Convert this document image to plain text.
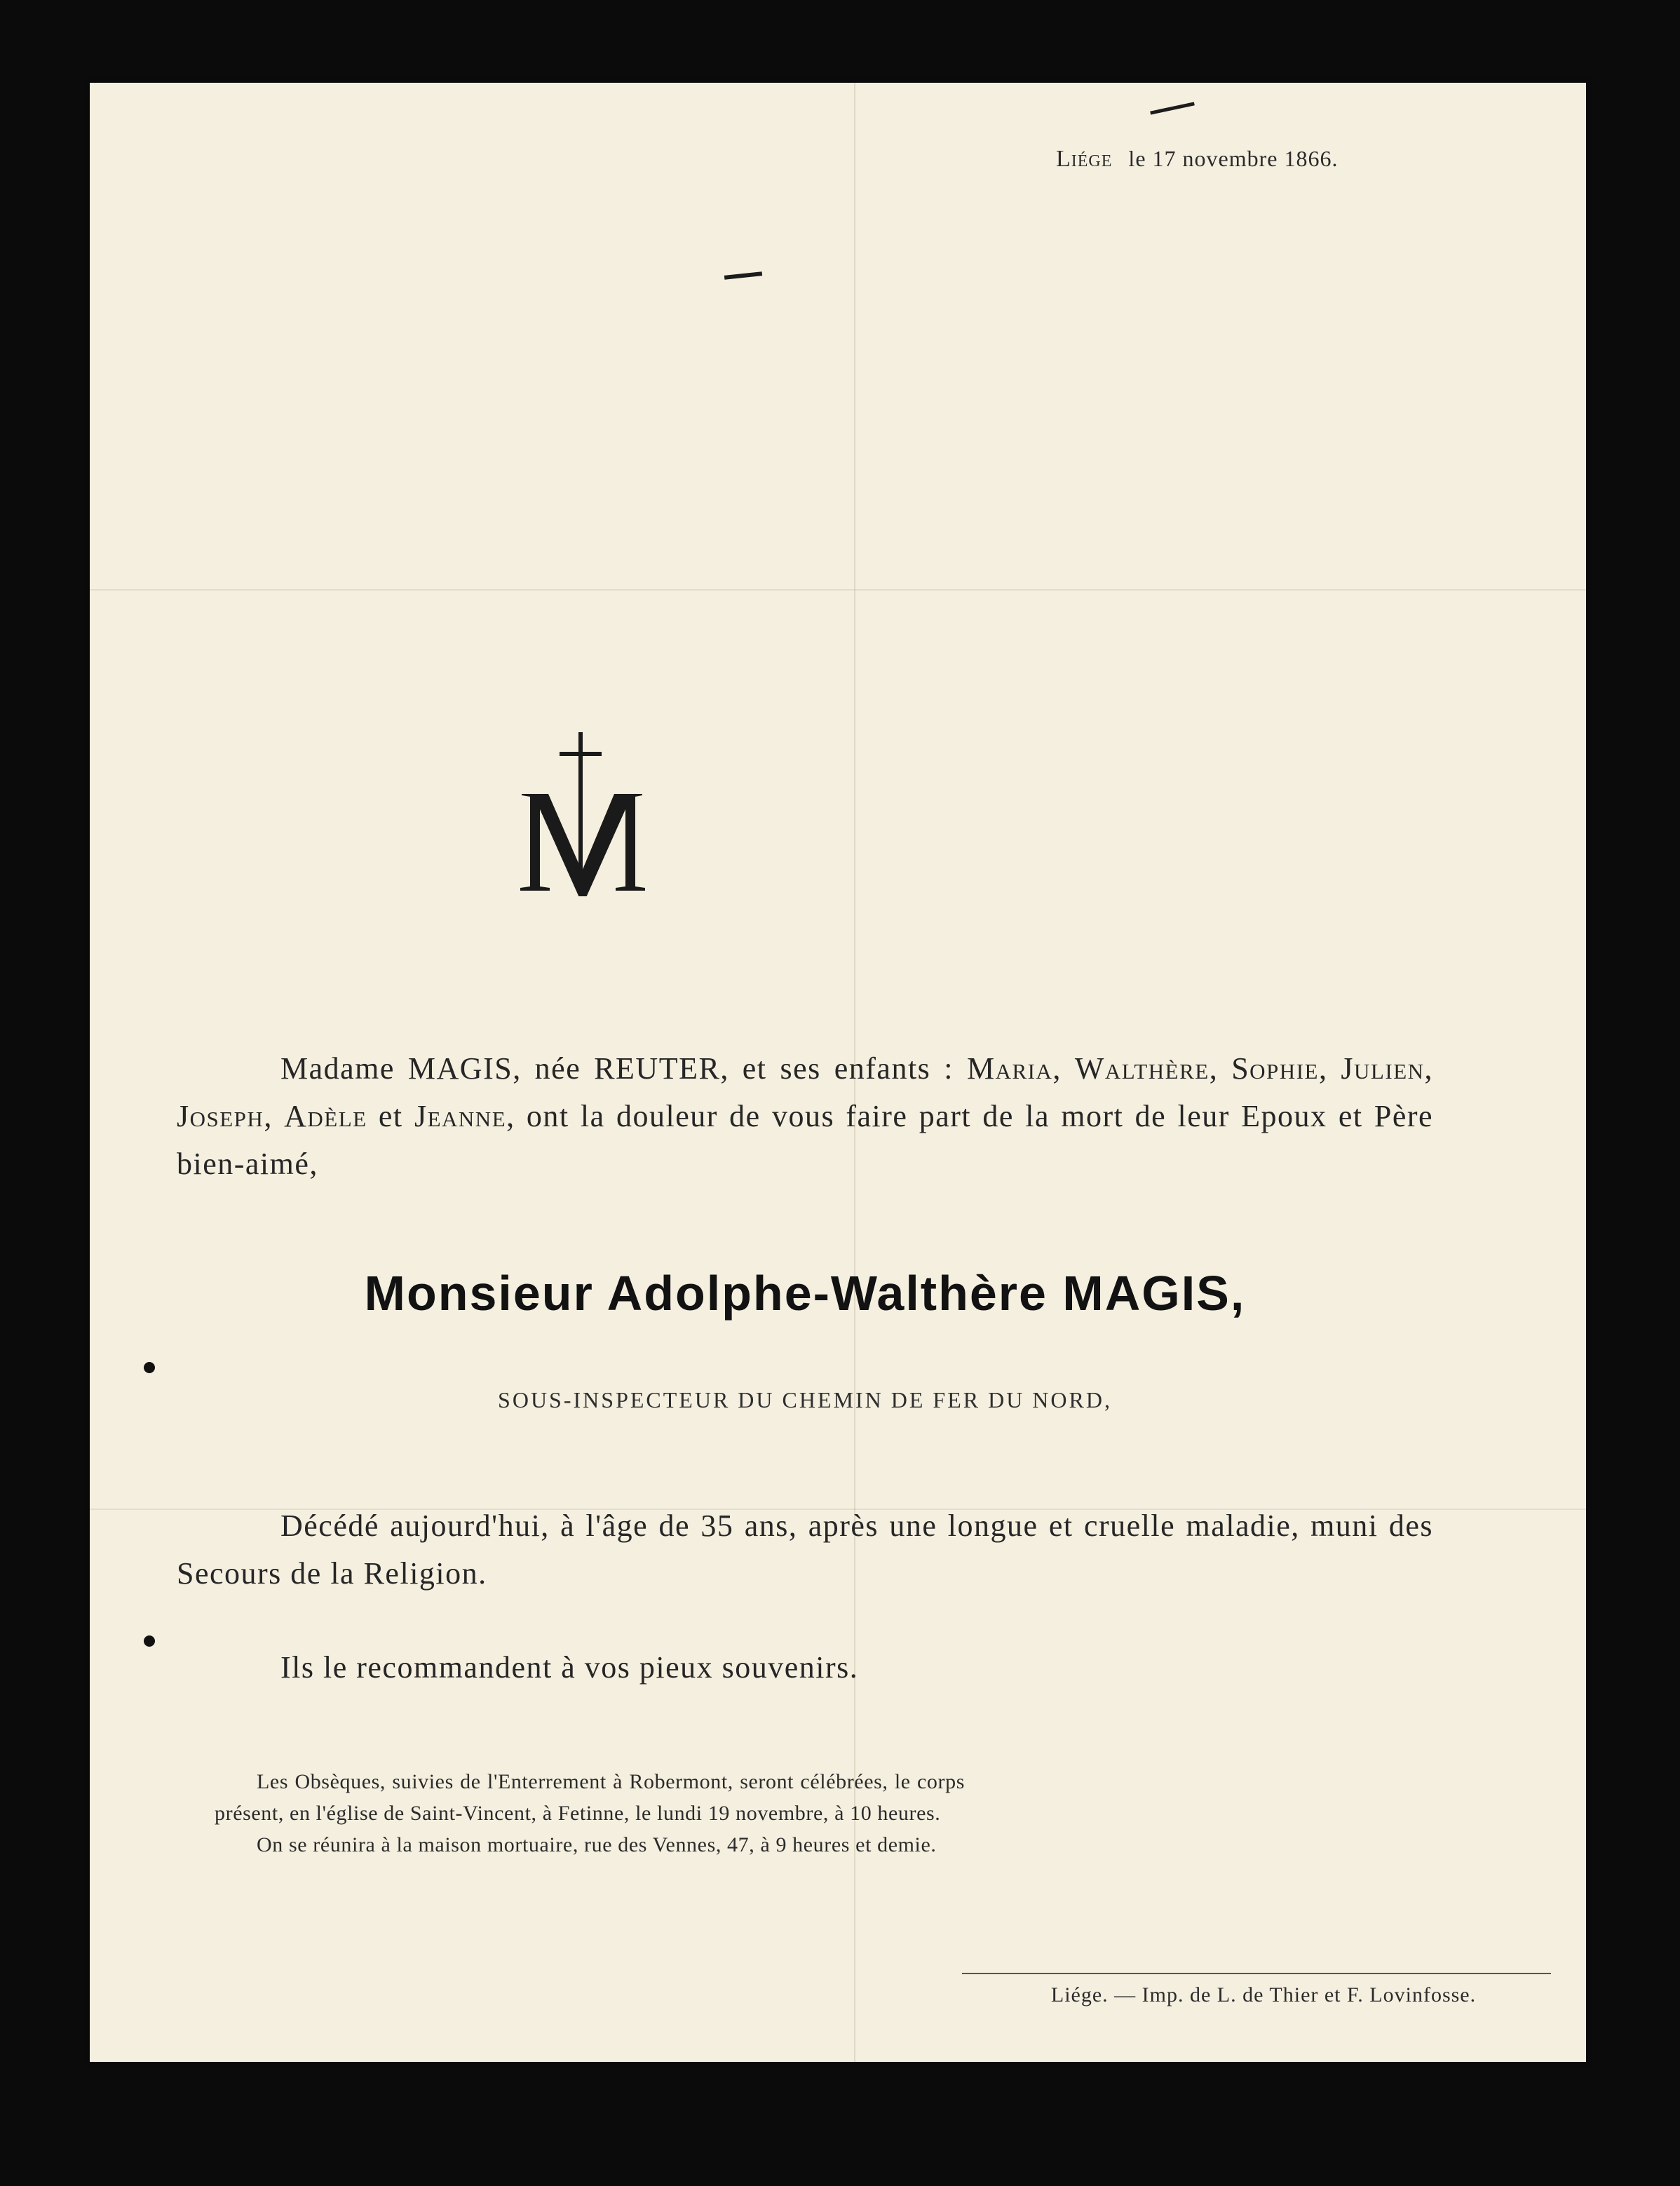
Liége le 17 novembre 1866.
Madame MAGIS, née REUTER, et ses enfants : Maria, Walthère, Sophie, Julien, Joseph, Adèle et Jeanne, ont la douleur de vous faire part de la mort de leur Epoux et Père bien-aimé,
Monsieur Adolphe-Walthère MAGIS,
SOUS-INSPECTEUR DU CHEMIN DE FER DU NORD,
Décédé aujourd'hui, à l'âge de 35 ans, après une longue et cruelle maladie, muni des Secours de la Religion.
Ils le recommandent à vos pieux souvenirs.

Les Obsèques, suivies de l'Enterrement à Robermont, seront célébrées, le corps présent, en l'église de Saint-Vincent, à Fetinne, le lundi 19 novembre, à 10 heures.

On se réunira à la maison mortuaire, rue des Vennes, 47, à 9 heures et demie.

Liége. — Imp. de L. de Thier et F. Lovinfosse.
